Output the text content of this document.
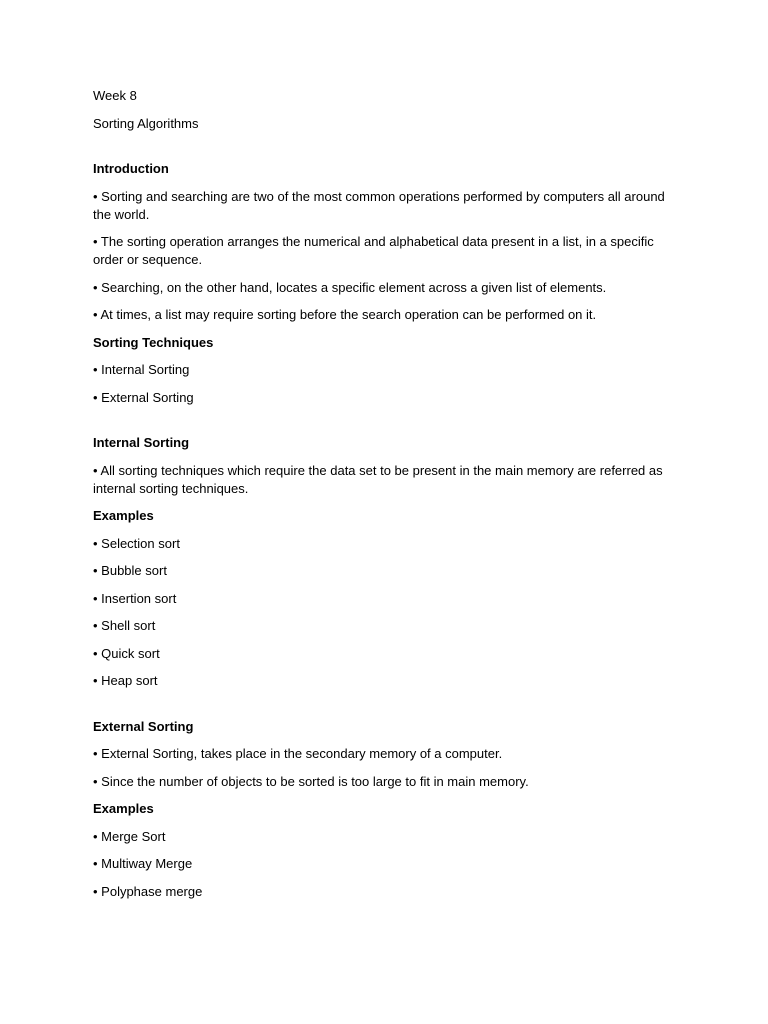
Week 8
Sorting Algorithms
Introduction
• Sorting and searching are two of the most common operations performed by computers all around the world.
• The sorting operation arranges the numerical and alphabetical data present in a list, in a specific order or sequence.
• Searching, on the other hand, locates a specific element across a given list of elements.
• At times, a list may require sorting before the search operation can be performed on it.
Sorting Techniques
• Internal Sorting
• External Sorting
Internal Sorting
• All sorting techniques which require the data set to be present in the main memory are referred as internal sorting techniques.
Examples
• Selection sort
• Bubble sort
• Insertion sort
• Shell sort
• Quick sort
• Heap sort
External Sorting
• External Sorting, takes place in the secondary memory of a computer.
• Since the number of objects to be sorted is too large to fit in main memory.
Examples
• Merge Sort
• Multiway Merge
• Polyphase merge
